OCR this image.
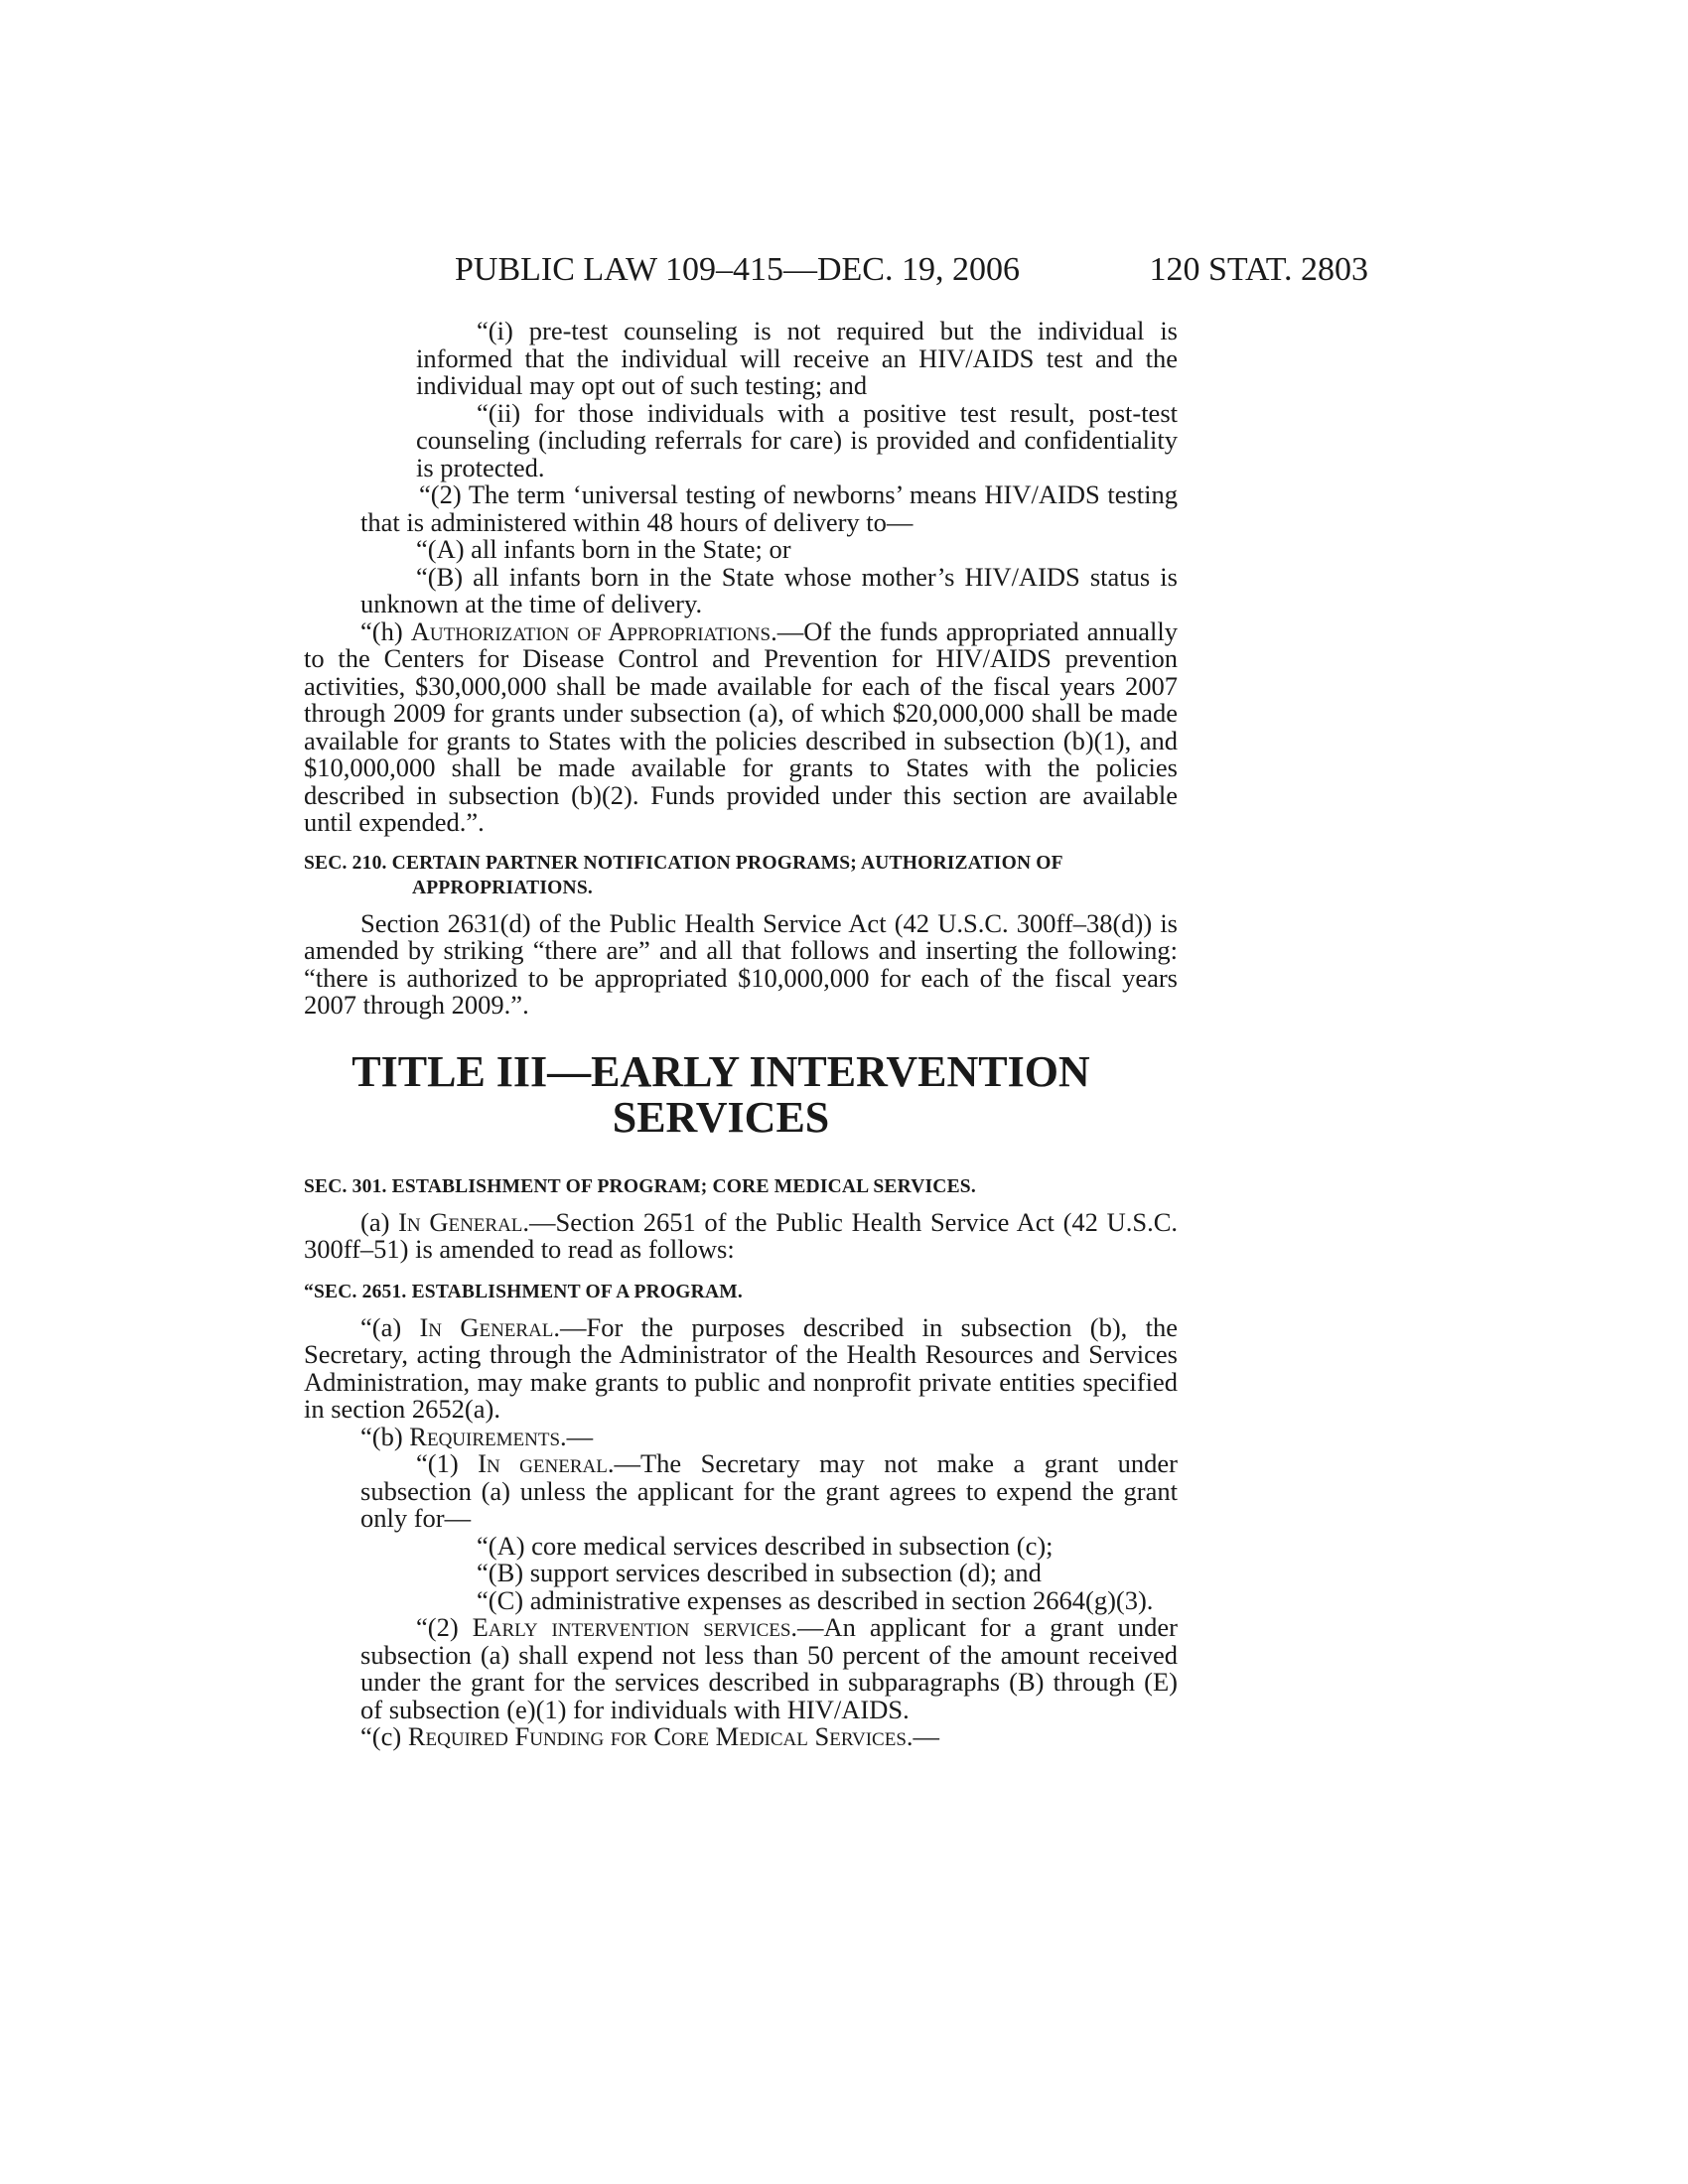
PUBLIC LAW 109–415—DEC. 19, 2006	120 STAT. 2803

“(i) pre-test counseling is not required but the individual is informed that the individual will receive an HIV/AIDS test and the individual may opt out of such testing; and

“(ii) for those individuals with a positive test result, post-test counseling (including referrals for care) is provided and confidentiality is protected.

“(2) The term ‘universal testing of newborns’ means HIV/AIDS testing that is administered within 48 hours of delivery to—

“(A) all infants born in the State; or

“(B) all infants born in the State whose mother’s HIV/AIDS status is unknown at the time of delivery.

“(h) Authorization of Appropriations.—Of the funds appropriated annually to the Centers for Disease Control and Prevention for HIV/AIDS prevention activities, $30,000,000 shall be made available for each of the fiscal years 2007 through 2009 for grants under subsection (a), of which $20,000,000 shall be made available for grants to States with the policies described in subsection (b)(1), and $10,000,000 shall be made available for grants to States with the policies described in subsection (b)(2). Funds provided under this section are available until expended.”.

SEC. 210. CERTAIN PARTNER NOTIFICATION PROGRAMS; AUTHORIZATION OF APPROPRIATIONS.

Section 2631(d) of the Public Health Service Act (42 U.S.C. 300ff–38(d)) is amended by striking “there are” and all that follows and inserting the following: “there is authorized to be appropriated $10,000,000 for each of the fiscal years 2007 through 2009.”.

TITLE III—EARLY INTERVENTION
SERVICES

SEC. 301. ESTABLISHMENT OF PROGRAM; CORE MEDICAL SERVICES.

(a) In General.—Section 2651 of the Public Health Service Act (42 U.S.C. 300ff–51) is amended to read as follows:

“SEC. 2651. ESTABLISHMENT OF A PROGRAM.

“(a) In General.—For the purposes described in subsection (b), the Secretary, acting through the Administrator of the Health Resources and Services Administration, may make grants to public and nonprofit private entities specified in section 2652(a).

“(b) Requirements.—

“(1) In general.—The Secretary may not make a grant under subsection (a) unless the applicant for the grant agrees to expend the grant only for—

“(A) core medical services described in subsection (c);

“(B) support services described in subsection (d); and

“(C) administrative expenses as described in section 2664(g)(3).

“(2) Early intervention services.—An applicant for a grant under subsection (a) shall expend not less than 50 percent of the amount received under the grant for the services described in subparagraphs (B) through (E) of subsection (e)(1) for individuals with HIV/AIDS.

“(c) Required Funding for Core Medical Services.—
